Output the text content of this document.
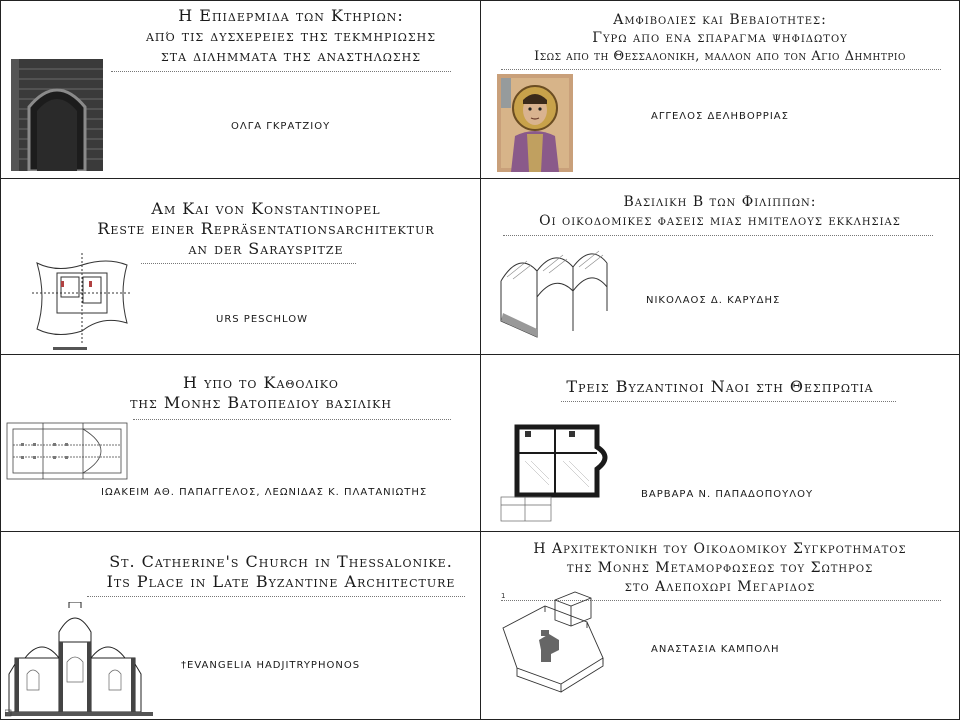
Η Επιδερμιδα των Κτηριων:
από τις δυσχερειες της τεκμηριωσης
στα διληµµατα της αναστηλωσης
ΟΛΓΑ ΓΚΡΑΤΖΙΟΥ
Αμφιβολιες και Βεβαιοτητες:
Γυρω απο ενα σπαραγμα ψηφιδωτου
Ισως απο τη Θεσσαλονικη, μαλλον απο τον Αγιο Δημητριο
ΑΓΓΕΛΟΣ ΔΕΛΗΒΟΡΡΙΑΣ
Am Kai von Konstantinopel
Reste einer Repräsentationsarchitektur
an der Sarayspitze
URS PESCHLOW
Βασιλικη Β των Φιλιππων:
Οι οικοδομικες φασεις μιας ημιτελους εκκλησιας
ΝΙΚΟΛΑΟΣ Δ. ΚΑΡΥΔΗΣ
Η υπο το Καθολικο
της Μονης Βατοπεδιου βασιλικη
ΙΩΑΚΕΙΜ ΑΘ. ΠΑΠΑΓΓΕΛΟΣ, ΛΕΩΝΙΔΑΣ Κ. ΠΛΑΤΑΝΙΩΤΗΣ
Τρεις Βυζαντινοι Ναοι στη Θεσπρωτια
ΒΑΡΒΑΡΑ Ν. ΠΑΠΑΔΟΠΟΥΛΟΥ
St. Catherine's Church in Thessalonike.
Its Place in Late Byzantine Architecture
†EVANGELIA HADJITRYPHONOS
Η Αρχιτεκτονικη του Οικοδομικου Συγκροτηματος
της Μονης Μεταμορφωσεως του Σωτηρος
στο Αλεποχωρι Μεγαριδος
1
ΑΝΑΣΤΑΣΙΑ ΚΑΜΠΟΛΗ
